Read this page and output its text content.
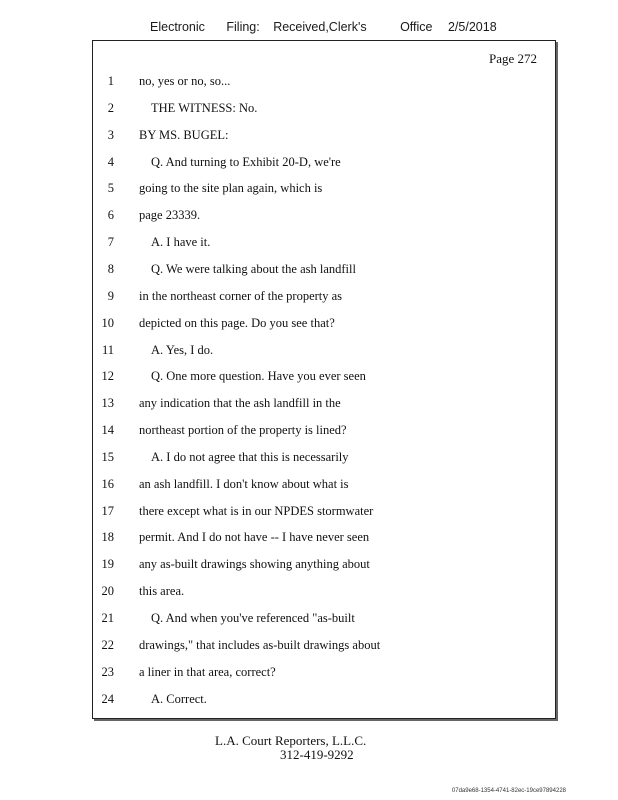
Electronic Filing: Received,Clerk's	Office 2/5/2018
Page 272
1 no, yes or no, so...
2	THE WITNESS: No.
3 BY MS. BUGEL:
4	Q. And turning to Exhibit 20-D, we're
5 going to the site plan again, which is
6 page 23339.
7	A. I have it.
8	Q. We were talking about the ash landfill
9 in the northeast corner of the property as
10 depicted on this page. Do you see that?
11	A. Yes, I do.
12	Q. One more question. Have you ever seen
13 any indication that the ash landfill in the
14 northeast portion of the property is lined?
15	A. I do not agree that this is necessarily
16 an ash landfill. I don't know about what is
17 there except what is in our NPDES stormwater
18 permit. And I do not have -- I have never seen
19 any as-built drawings showing anything about
20 this area.
21	Q. And when you've referenced "as-built
22 drawings," that includes as-built drawings about
23 a liner in that area, correct?
24	A. Correct.
L.A. Court Reporters, L.L.C.
312-419-9292
07da9e68-1354-4741-82ec-19ce97894228
